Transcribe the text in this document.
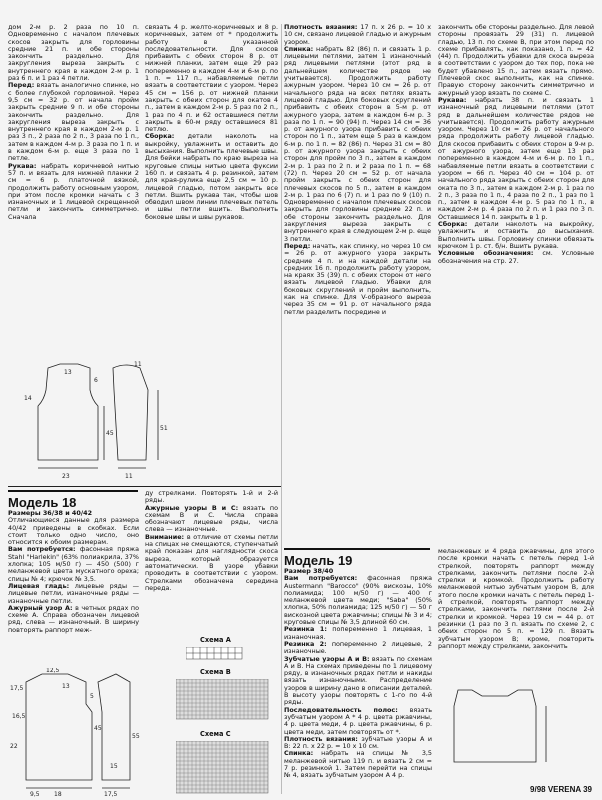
дом 2-м р. 2 раза по 10 п. Одновременно с началом плечевых скосов закрыть для горловины средние 21 п. и обе стороны закончить раздельно. Для закругления выреза закрыть с внутреннего края в каждом 2-м р. 1 раз 6 п. и 1 раз 4 петли.

Перед: вязать аналогично спинке, но с более глубокой горловиной. Через 9,5 см = 32 р. от начала пройм закрыть средние 9 п. и обе стороны закончить раздельно. Для закругления выреза закрыть с внутреннего края в каждом 2-м р. 1 раз 3 п., 2 раза по 2 п., 3 раза по 1 п., затем в каждом 4-м р. 3 раза по 1 п. и в каждом 6-м р. еще 3 раза по 1 петле.

Рукава: набрать коричневой нитью 57 п. и вязать для нижней планки 2 см = 6 р. платочной вязкой, продолжить работу основным узором, при этом после кромки начать с 3 изнаночных и 1 лицевой скрещенной петли и закончить симметрично. Сначала

связать 4 р. желто-коричневых и 8 р. коричневых, затем от * продолжить работу в указанной последовательности. Для скосов прибавить с обеих сторон 8 р. от нижней планки, затем еще 29 раз попеременно в каждом 4-м и 6-м р. по 1 п. = 117 п., набавляемые петли вязать в соответствии с узором. Через 45 см = 156 р. от нижней планки закрыть с обеих сторон для окатов 4 п., затем в каждом 2-м р. 5 раз по 2 п., 1 раз по 4 п. и 62 оставшиеся петли закрыть в 60-м ряду оставшиеся 81 петлю.

Сборка: детали наколоть на выкройку, увлажнить и оставить до высыхания. Выполнить плечевые швы. Для бейки набрать по краю выреза на круговые спицы нитью цвета фуксии 160 п. и связать 4 р. резинкой, затем для края-рулика еще 2,5 см = 10 р. лицевой гладью, потом закрыть все петли. Вшить рукава так, чтобы шов обводил швом линии плечевых петель и швы петли вшить. Выполнить боковые швы и швы рукавов.

Плотность вязания: 17 п. х 26 р. = 10 х 10 см, связано лицевой гладью и ажурным узором.

Спинка: набрать 82 (86) п. и связать 1 р. лицевыми петлями, затем 1 изнаночный ряд лицевыми петлями (этот ряд в дальнейшем количестве рядов не учитывается). Продолжить работу ажурным узором. Через 10 см = 26 р. от начального ряда на всех петлях вязать лицевой гладью. Для боковых скруглений прибавить с обеих сторон в 5-м р. от ажурного узора, затем в каждом 6-м р. 3 раза по 1 п. = 90 (94) п. Через 14 см = 36 р. от ажурного узора прибавить с обеих сторон по 1 п., затем еще 5 раз в каждом 6-м р. по 1 п. = 82 (86) п. Через 31 см = 80 р. от ажурного узора закрыть с обеих сторон для пройм по 3 п., затем в каждом 2-м р. 1 раз по 2 п. и 2 раза по 1 п. = 68 (72) п. Через 20 см = 52 р. от начала пройм закрыть с обеих сторон для плечевых скосов по 5 п., затем в каждом 2-м р. 1 раз по 6 (7) п. и 1 раз по 9 (10) п. Одновременно с началом плечевых скосов закрыть для горловины средние 22 п. и обе стороны закончить раздельно. Для закругления выреза закрыть с внутреннего края в следующем 2-м р. еще 3 петли.

Перед: начать, как спинку, но через 10 см = 26 р. от ажурного узора закрыть средние 4 п. и на каждой детали на средних 16 п. продолжить работу узором, на краях 35 (39) п. с обеих сторон от него вязать лицевой гладью. Убавки для боковых скруглений и пройм выполнить, как на спинке. Для V-образного выреза через 35 см = 91 р. от начального ряда петли разделить посредине и

закончить обе стороны раздельно. Для левой стороны провязать 29 (31) п. лицевой гладью, 13 п. по схеме B, при этом перед по схеме прибавлять, как показано, 1 п. = 42 (44) п. Продолжить убавки для скоса выреза в соответствии с узором до тех пор, пока не будет убавлено 15 п., затем вязать прямо. Плечевой скос выполнить, как на спинке. Правую сторону закончить симметрично и ажурный узор вязать по схеме C.

Рукава: набрать 38 п. и связать 1 изнаночный ряд лицевыми петлями (этот ряд в дальнейшем количестве рядов не учитывается). Продолжить работу ажурным узором. Через 10 см = 26 р. от начального ряда продолжить работу лицевой гладью. Для скосов прибавить с обеих сторон в 9-м р. от ажурного узора, затем еще 13 раз попеременно в каждом 4-м и 6-м р. по 1 п., набавляемые петли вязать в соответствии с узором = 66 п. Через 40 см = 104 р. от начального ряда закрыть с обеих сторон для оката по 3 п., затем в каждом 2-м р. 1 раз по 2 п., 3 раза по 1 п., 4 раза по 2 п., 1 раз по 1 п., затем в каждом 4-м р. 5 раз по 1 п., в каждом 2-м р. 4 раза по 2 п. и 1 раз по 3 п. Оставшиеся 14 п. закрыть в 1 р.

Сборка: детали наколоть на выкройку, увлажнить и оставить до высыхания. Выполнить швы. Горловину спинки обвязать крючком 1 р. ст. б/н. Вшить рукава.

Условные обозначения: см. Условные обозначения на стр. 27.

23
45
13
6
14
51
11
11
Модель 18

Размеры 36/38 и 40/42

Отличающиеся данные для размера 40/42 приведены в скобках. Если стоит только одно число, оно относится к обоим размерам.

Вам потребуется: фасонная пряжа Stahl "Harlekin" (63% полиакрила, 37% хлопка; 105 м/50 г) — 450 (500) г меланжевой цвета мускатного ореха; спицы № 4; крючок № 3,5.

Лицевая гладь: лицевые ряды — лицевые петли, изнаночные ряды — изнаночные петли.

Ажурный узор А: в четных рядах по схеме А. Справа обозначен лицевой ряд, слева — изнаночный. В ширину повторять раппорт меж-

ду стрелками. Повторять 1-й и 2-й ряды.

Ажурные узоры В и С: вязать по схемам В и С. Числа справа обозначают лицевые ряды, числа слева — изнаночные.

Внимание: в отличие от схемы петли на спицах не смещаются, ступенчатый край показан для наглядности скоса выреза, который образуется автоматически. В узоре убавки проводить в соответствии с узором. Стрелками обозначена середина переда.

12,5
13
17,5
5
16,5
22
45
55
9,5 18	17,5
15
Схема А
Схема В
Схема С
Модель 19

Размер 38/40

Вам потребуется: фасонная пряжа Austermann "Barocco" (90% вискозы, 10% полиамида; 100 м/50 г) — 400 г меланжевой цвета меди; "Saba" (50% хлопка, 50% полиамида; 125 м/50 г) — 50 г вискозной цвета ржавчины; спицы № 3 и 4; круговые спицы № 3,5 длиной 60 см.

Резинка 1: попеременно 1 лицевая, 1 изнаночная.

Резинка 2: попеременно 2 лицевые, 2 изнаночные.

Зубчатые узоры А и В: вязать по схемам А и В. На схемах приведены по 1 лицевому ряду, в изнаночных рядах петли и накиды вязать изнаночными. Распределение узоров в ширину дано в описании деталей. В высоту узоры повторять с 1-го по 4-й ряды.

Последовательность полос: вязать зубчатым узором А * 4 р. цвета ржавчины, 4 р. цвета меди, 4 р. цвета ржавчины, 6 р. цвета меди, затем повторять от *.

Плотность вязания: зубчатые узоры А и В: 22 п. х 22 р. = 10 х 10 см.

Спинка: набрать на спицы № 3,5 меланжевой нитью 119 п. и вязать 2 см = 7 р. резинкой 1. Затем перейти на спицы № 4, вязать зубчатым узором А 4 р.

меланжевых и 4 ряда ржавчины, для этого после кромки начать с петель перед 1-й стрелкой, повторять раппорт между стрелками, закончить петлями после 2-й стрелки и кромкой. Продолжить работу меланжевой нитью зубчатым узором В, для этого после кромки начать с петель перед 1-й стрелкой, повторять раппорт между стрелками, закончить петлями после 2-й стрелки и кромкой. Через 19 см = 44 р. от резинки (1 раз по 3 п. вязать по схеме 2, с обеих сторон по 5 п. = 129 п. Вязать зубчатым узором В; кроме, повторить раппорт между стрелками, закончить

9/98 VERENA 39
